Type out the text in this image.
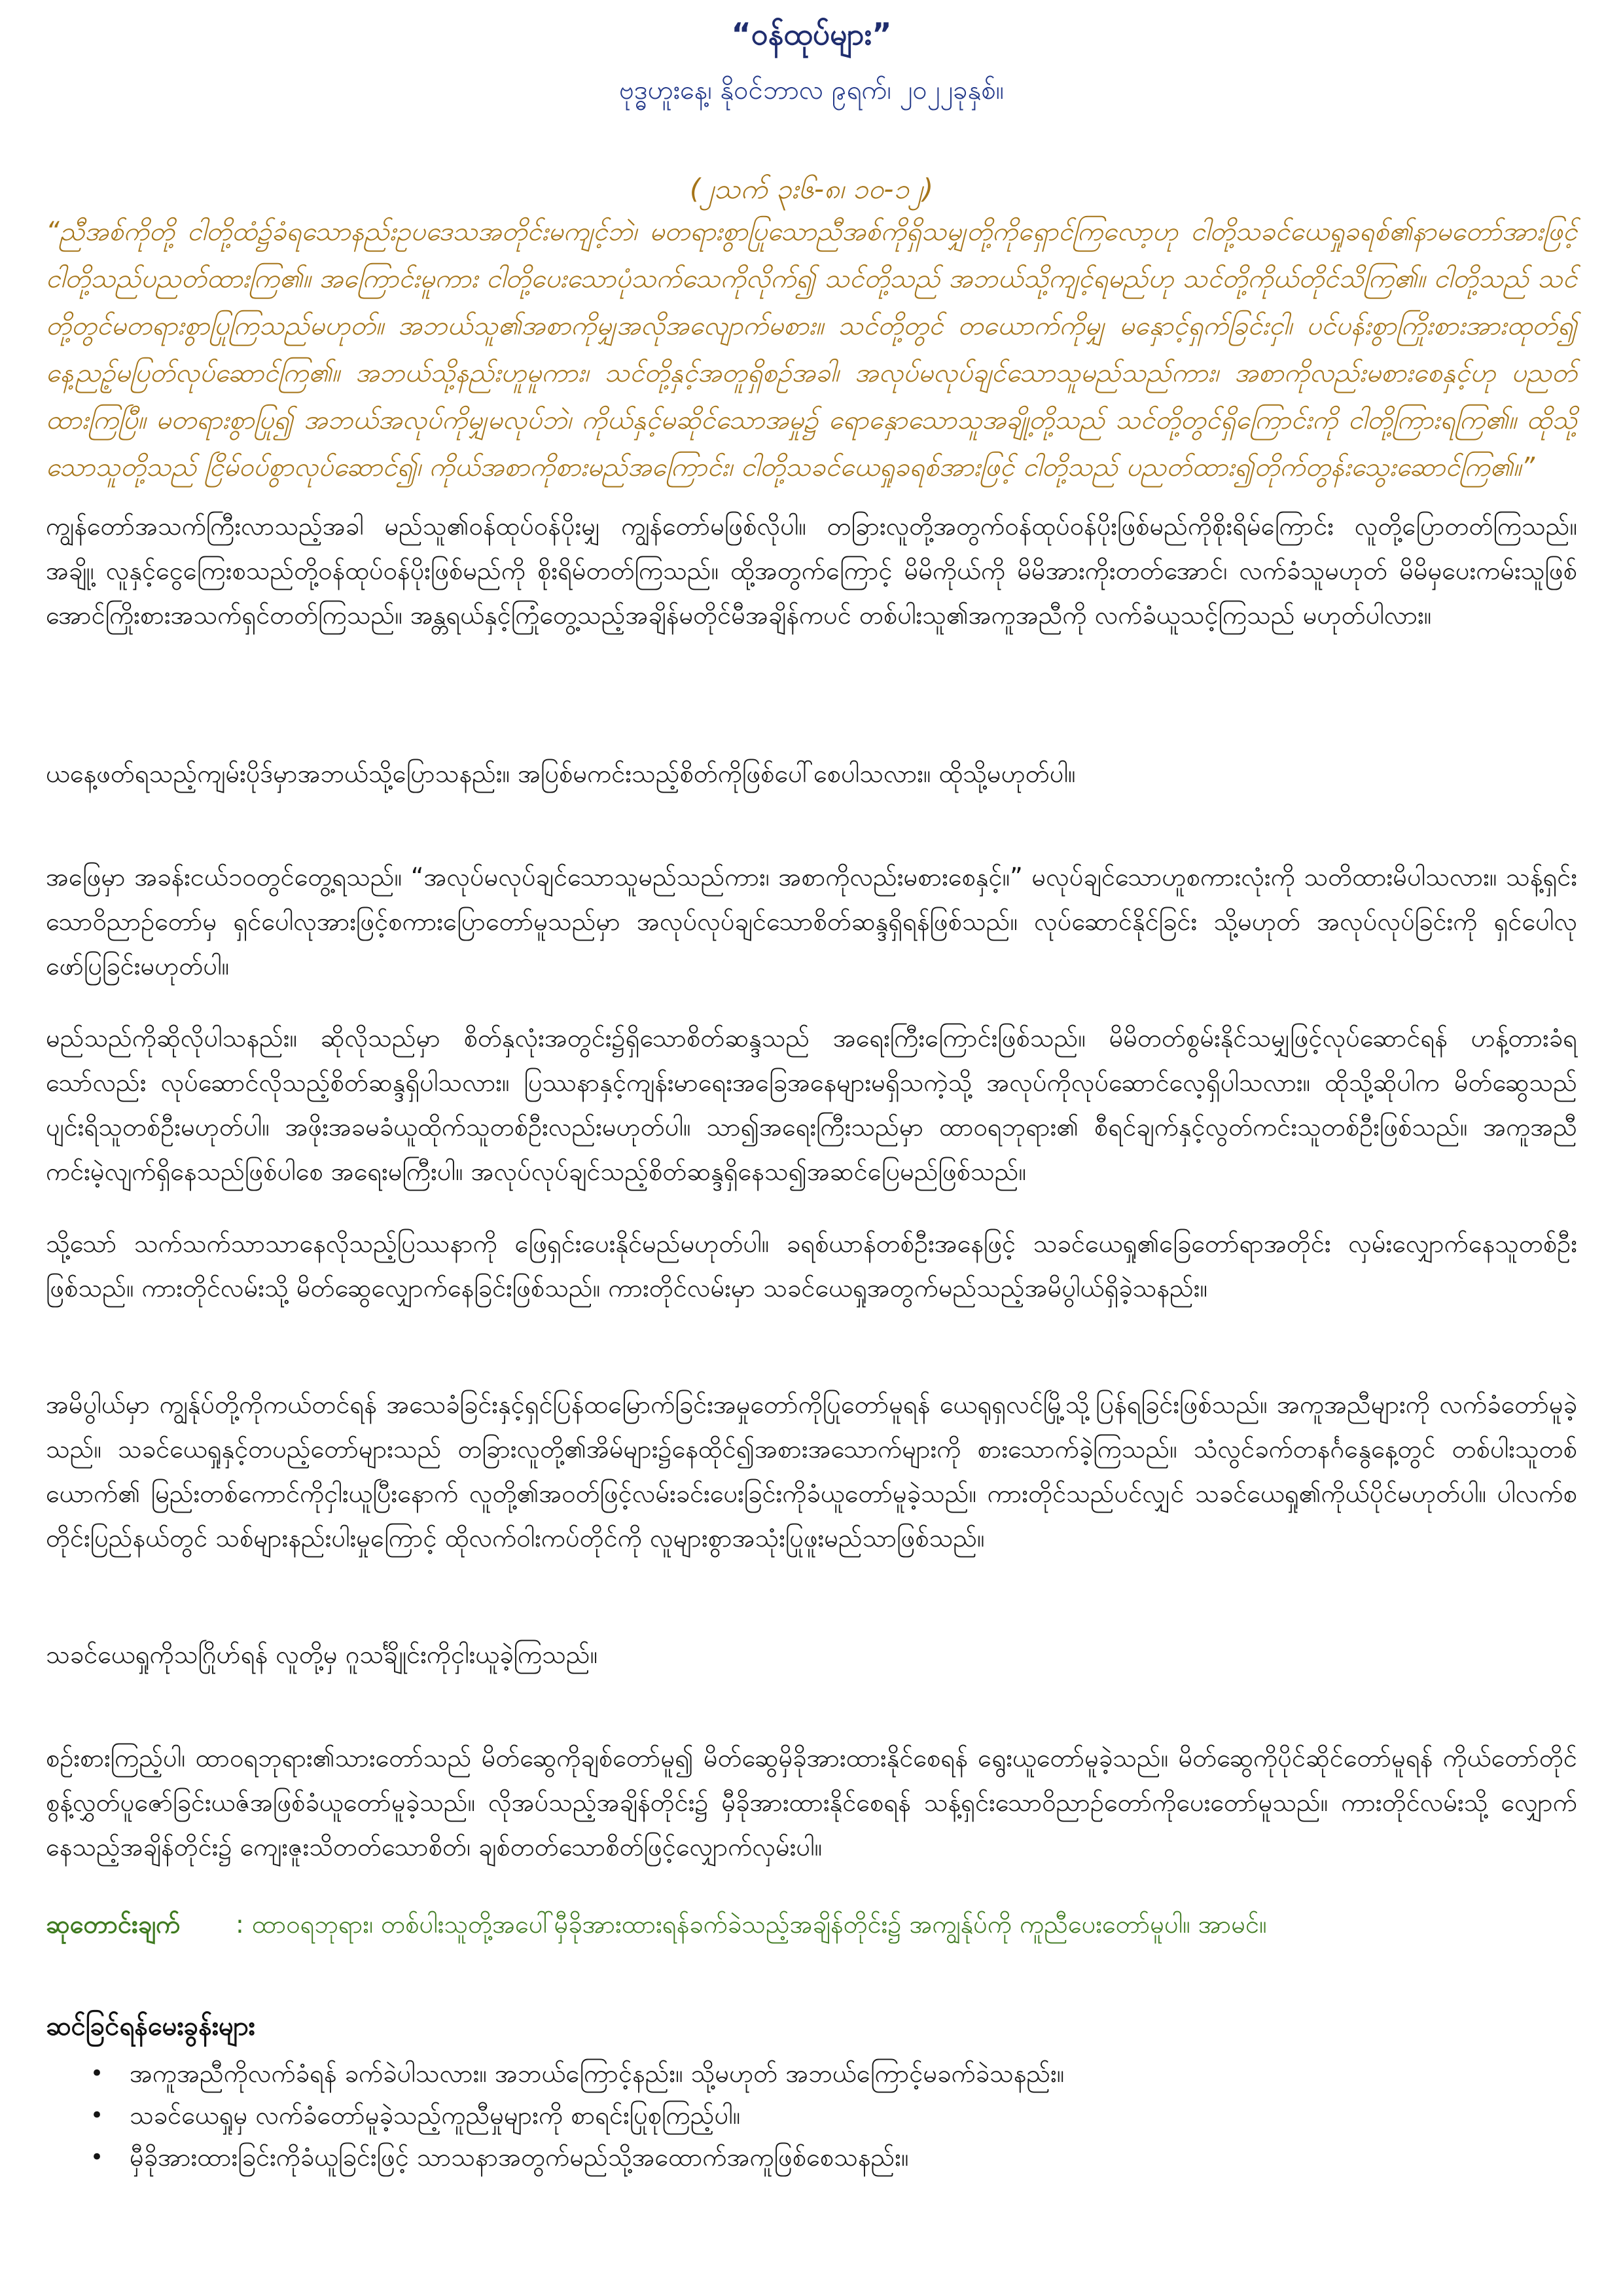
“ဝန်ထုပ်များ”
ဗုဒ္ဓဟူးနေ့၊ နိုဝင်ဘာလ ၉ရက်၊ ၂၀၂၂ခုနှစ်။
(၂သက် ၃း၆-၈၊ ၁၀-၁၂)
“ညီအစ်ကိုတို့ ငါတို့ထံ၌ခံရသောနည်းဥပဒေသအတိုင်းမကျင့်ဘဲ၊ မတရားစွာပြုသောညီအစ်ကိုရှိသမျှတို့ကိုရှောင်ကြလော့ဟု ငါတို့သခင်ယေရှုခရစ်၏နာမတော်အားဖြင့် ငါတို့သည်ပညတ်ထားကြ၏။ အကြောင်းမူကား ငါတို့ပေးသောပုံသက်သေကိုလိုက်၍ သင်တို့သည် အဘယ်သို့ကျင့်ရမည်ဟု သင်တို့ကိုယ်တိုင်သိကြ၏။ ငါတို့သည် သင်တို့တွင်မတရားစွာပြုကြသည်မဟုတ်။ အဘယ်သူ၏အစာကိုမျှအလိုအလျောက်မစား။ သင်တို့တွင် တယောက်ကိုမျှ မနှောင့်ရှက်ခြင်းငှါ၊ ပင်ပန်းစွာကြိုးစားအားထုတ်၍ နေ့ညဉ့်မပြတ်လုပ်ဆောင်ကြ၏။ အဘယ်သို့နည်းဟူမူကား၊ သင်တို့နှင့်အတူရှိစဉ်အခါ၊ အလုပ်မလုပ်ချင်သောသူမည်သည်ကား၊ အစာကိုလည်းမစားစေနှင့်ဟု ပညတ်ထားကြပြီ။ မတရားစွာပြု၍ အဘယ်အလုပ်ကိုမျှမလုပ်ဘဲ၊ ကိုယ်နှင့်မဆိုင်သောအမှု၌ ရောနှောသောသူအချို့တို့သည် သင်တို့တွင်ရှိကြောင်းကို ငါတို့ကြားရကြ၏။ ထိုသို့သောသူတို့သည် ငြိမ်ဝပ်စွာလုပ်ဆောင်၍၊ ကိုယ်အစာကိုစားမည်အကြောင်း၊ ငါတို့သခင်ယေရှုခရစ်အားဖြင့် ငါတို့သည် ပညတ်ထား၍တိုက်တွန်းသွေးဆောင်ကြ၏။”
ကျွန်တော်အသက်ကြီးလာသည့်အခါ မည်သူ၏ဝန်ထုပ်ဝန်ပိုးမျှ ကျွန်တော်မဖြစ်လိုပါ။ တခြားလူတို့အတွက်ဝန်ထုပ်ဝန်ပိုးဖြစ်မည်ကိုစိုးရိမ်ကြောင်း လူတို့ပြောတတ်ကြသည်။ အချို့၊ လူနှင့်ငွေကြေးစသည်တို့ဝန်ထုပ်ဝန်ပိုးဖြစ်မည်ကို စိုးရိမ်တတ်ကြသည်။ ထို့အတွက်ကြောင့် မိမိကိုယ်ကို မိမိအားကိုးတတ်အောင်၊ လက်ခံသူမဟုတ် မိမိမှပေးကမ်းသူဖြစ်အောင်ကြိုးစားအသက်ရှင်တတ်ကြသည်။ အန္တရယ်နှင့်ကြုံတွေ့သည့်အချိန်မတိုင်မီအချိန်ကပင် တစ်ပါးသူ၏အကူအညီကို လက်ခံယူသင့်ကြသည် မဟုတ်ပါလား။
ယနေ့ဖတ်ရသည့်ကျမ်းပိုဒ်မှာအဘယ်သို့ပြောသနည်း။ အပြစ်မကင်းသည့်စိတ်ကိုဖြစ်ပေါ်စေပါသလား။ ထိုသို့မဟုတ်ပါ။
အဖြေမှာ အခန်းငယ်၁၀တွင်တွေ့ရသည်။ “အလုပ်မလုပ်ချင်သောသူမည်သည်ကား၊ အစာကိုလည်းမစားစေနှင့်။” မလုပ်ချင်သောဟူစကားလုံးကို သတိထားမိပါသလား။ သန့်ရှင်းသောဝိညာဉ်တော်မှ ရှင်ပေါလုအားဖြင့်စကားပြောတော်မူသည်မှာ အလုပ်လုပ်ချင်သောစိတ်ဆန္ဒရှိရန်ဖြစ်သည်။ လုပ်ဆောင်နိုင်ခြင်း သို့မဟုတ် အလုပ်လုပ်ခြင်းကို ရှင်ပေါလုဖော်ပြခြင်းမဟုတ်ပါ။
မည်သည်ကိုဆိုလိုပါသနည်း။ ဆိုလိုသည်မှာ စိတ်နှလုံးအတွင်း၌ရှိသောစိတ်ဆန္ဒသည် အရေးကြီးကြောင်းဖြစ်သည်။ မိမိတတ်စွမ်းနိုင်သမျှဖြင့်လုပ်ဆောင်ရန် ဟန့်တားခံရသော်လည်း လုပ်ဆောင်လိုသည့်စိတ်ဆန္ဒရှိပါသလား။ ပြဿနာနှင့်ကျန်းမာရေးအခြေအနေများမရှိသကဲ့သို့ အလုပ်ကိုလုပ်ဆောင်လေ့ရှိပါသလား။ ထိုသို့ဆိုပါက မိတ်ဆွေသည် ပျင်းရိသူတစ်ဦးမဟုတ်ပါ။ အဖိုးအခမခံယူထိုက်သူတစ်ဦးလည်းမဟုတ်ပါ။ သာ၍အရေးကြီးသည်မှာ ထာဝရဘုရား၏ စီရင်ချက်နှင့်လွတ်ကင်းသူတစ်ဦးဖြစ်သည်။ အကူအညီကင်းမဲ့လျက်ရှိနေသည်ဖြစ်ပါစေ အရေးမကြီးပါ။ အလုပ်လုပ်ချင်သည့်စိတ်ဆန္ဒရှိနေသ၍အဆင်ပြေမည်ဖြစ်သည်။
သို့သော် သက်သက်သာသာနေလိုသည့်ပြဿနာကို ဖြေရှင်းပေးနိုင်မည်မဟုတ်ပါ။ ခရစ်ယာန်တစ်ဦးအနေဖြင့် သခင်ယေရှု၏ခြေတော်ရာအတိုင်း လှမ်းလျှောက်နေသူတစ်ဦးဖြစ်သည်။ ကားတိုင်လမ်းသို့ မိတ်ဆွေလျှောက်နေခြင်းဖြစ်သည်။ ကားတိုင်လမ်းမှာ သခင်ယေရှုအတွက်မည်သည့်အမိပွါယ်ရှိခဲ့သနည်း။
အမိပွါယ်မှာ ကျွန်ုပ်တို့ကိုကယ်တင်ရန် အသေခံခြင်းနှင့်ရှင်ပြန်ထမြောက်ခြင်းအမှုတော်ကိုပြုတော်မူရန် ယေရုရှလင်မြို့သို့ပြန်ရခြင်းဖြစ်သည်။ အကူအညီများကို လက်ခံတော်မူခဲ့သည်။ သခင်ယေရှုနှင့်တပည့်တော်များသည် တခြားလူတို့၏အိမ်များ၌နေထိုင်၍အစားအသောက်များကို စားသောက်ခဲ့ကြသည်။ သံလွင်ခက်တနင်္ဂနွေနေ့တွင် တစ်ပါးသူတစ်ယောက်၏ မြည်းတစ်ကောင်ကိုငှါးယူပြီးနောက် လူတို့၏အဝတ်ဖြင့်လမ်းခင်းပေးခြင်းကိုခံယူတော်မူခဲ့သည်။ ကားတိုင်သည်ပင်လျှင် သခင်ယေရှု၏ကိုယ်ပိုင်မဟုတ်ပါ။ ပါလက်စတိုင်းပြည်နယ်တွင် သစ်များနည်းပါးမှုကြောင့် ထိုလက်ဝါးကပ်တိုင်ကို လူများစွာအသုံးပြုဖူးမည်သာဖြစ်သည်။
သခင်ယေရှုကိုသဂြိုဟ်ရန် လူတို့မှ ဂူသင်္ချိုင်းကိုငှါးယူခဲ့ကြသည်။
စဉ်းစားကြည့်ပါ၊ ထာဝရဘုရား၏သားတော်သည် မိတ်ဆွေကိုချစ်တော်မူ၍ မိတ်ဆွေမှိခိုအားထားနိုင်စေရန် ရွေးယူတော်မူခဲ့သည်။ မိတ်ဆွေကိုပိုင်ဆိုင်တော်မူရန် ကိုယ်တော်တိုင်စွန့်လွှတ်ပူဇော်ခြင်းယဇ်အဖြစ်ခံယူတော်မူခဲ့သည်။ လိုအပ်သည့်အချိန်တိုင်း၌ မှီခိုအားထားနိုင်စေရန် သန့်ရှင်းသောဝိညာဉ်တော်ကိုပေးတော်မူသည်။ ကားတိုင်လမ်းသို့ လျှောက်နေသည့်အချိန်တိုင်း၌ ကျေးဇူးသိတတ်သောစိတ်၊ ချစ်တတ်သောစိတ်ဖြင့်လျှောက်လှမ်းပါ။
ဆုတောင်းချက် : ထာဝရဘုရား၊ တစ်ပါးသူတို့အပေါ်မှီခိုအားထားရန်ခက်ခဲသည့်အချိန်တိုင်း၌ အကျွန်ုပ်ကို ကူညီပေးတော်မူပါ။ အာမင်။
ဆင်ခြင်ရန်မေးခွန်းများ
• အကူအညီကိုလက်ခံရန် ခက်ခဲပါသလား။ အဘယ်ကြောင့်နည်း။ သို့မဟုတ် အဘယ်ကြောင့်မခက်ခဲသနည်း။
• သခင်ယေရှုမှ လက်ခံတော်မူခဲ့သည့်ကူညီမှုများကို စာရင်းပြုစုကြည့်ပါ။
• မှီခိုအားထားခြင်းကိုခံယူခြင်းဖြင့် သာသနာအတွက်မည်သို့အထောက်အကူဖြစ်စေသနည်း။
